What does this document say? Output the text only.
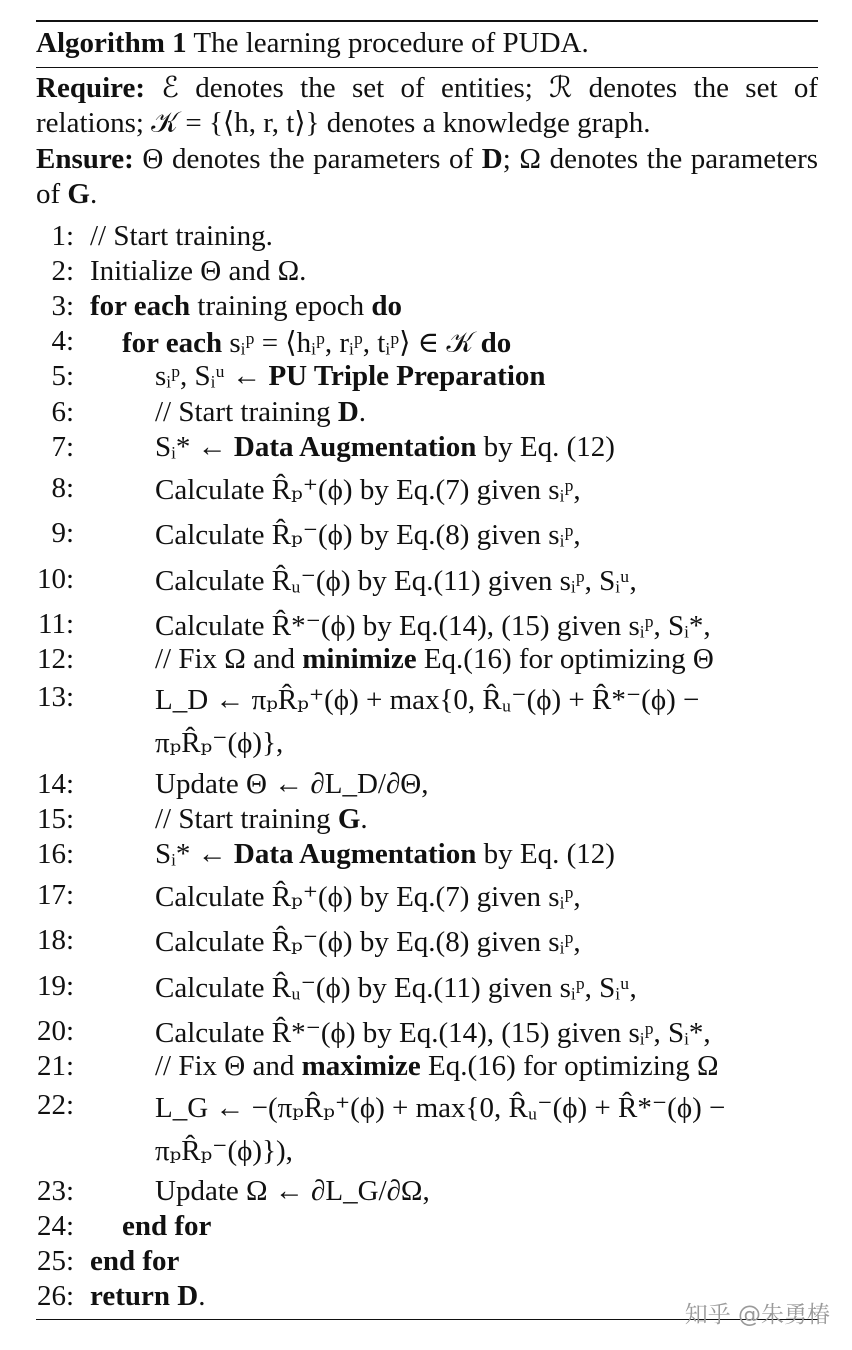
Algorithm 1 The learning procedure of PUDA.
Require: ℰ denotes the set of entities; ℛ denotes the set of relations; 𝒦 = {⟨h, r, t⟩} denotes a knowledge graph.
Ensure: Θ denotes the parameters of D; Ω denotes the parameters of G.
1: // Start training.
2: Initialize Θ and Ω.
3: for each training epoch do
4: for each sᵢᵖ = ⟨hᵢᵖ, rᵢᵖ, tᵢᵖ⟩ ∈ 𝒦 do
5:	sᵢᵖ, Sᵢᵘ ← PU Triple Preparation
6:	// Start training D.
7:	Sᵢ* ← Data Augmentation by Eq. (12)
8:	Calculate R̂ₚ⁺(ϕ) by Eq.(7) given sᵢᵖ,
9:	Calculate R̂ₚ⁻(ϕ) by Eq.(8) given sᵢᵖ,
10:	Calculate R̂ᵤ⁻(ϕ) by Eq.(11) given sᵢᵖ, Sᵢᵘ,
11:	Calculate R̂*⁻(ϕ) by Eq.(14), (15) given sᵢᵖ, Sᵢ*,
12:	// Fix Ω and minimize Eq.(16) for optimizing Θ
13:	L_D ← πₚR̂ₚ⁺(ϕ) + max{0, R̂ᵤ⁻(ϕ) + R̂*⁻(ϕ) − πₚR̂ₚ⁻(ϕ)},
14:	Update Θ ← ∂L_D/∂Θ,
15:	// Start training G.
16:	Sᵢ* ← Data Augmentation by Eq. (12)
17:	Calculate R̂ₚ⁺(ϕ) by Eq.(7) given sᵢᵖ,
18:	Calculate R̂ₚ⁻(ϕ) by Eq.(8) given sᵢᵖ,
19:	Calculate R̂ᵤ⁻(ϕ) by Eq.(11) given sᵢᵖ, Sᵢᵘ,
20:	Calculate R̂*⁻(ϕ) by Eq.(14), (15) given sᵢᵖ, Sᵢ*,
21:	// Fix Θ and maximize Eq.(16) for optimizing Ω
22:	L_G ← −(πₚR̂ₚ⁺(ϕ) + max{0, R̂ᵤ⁻(ϕ) + R̂*⁻(ϕ) − πₚR̂ₚ⁻(ϕ)}),
23:	Update Ω ← ∂L_G/∂Ω,
24: end for
25: end for
26: return D.
知乎 @朱勇椿
